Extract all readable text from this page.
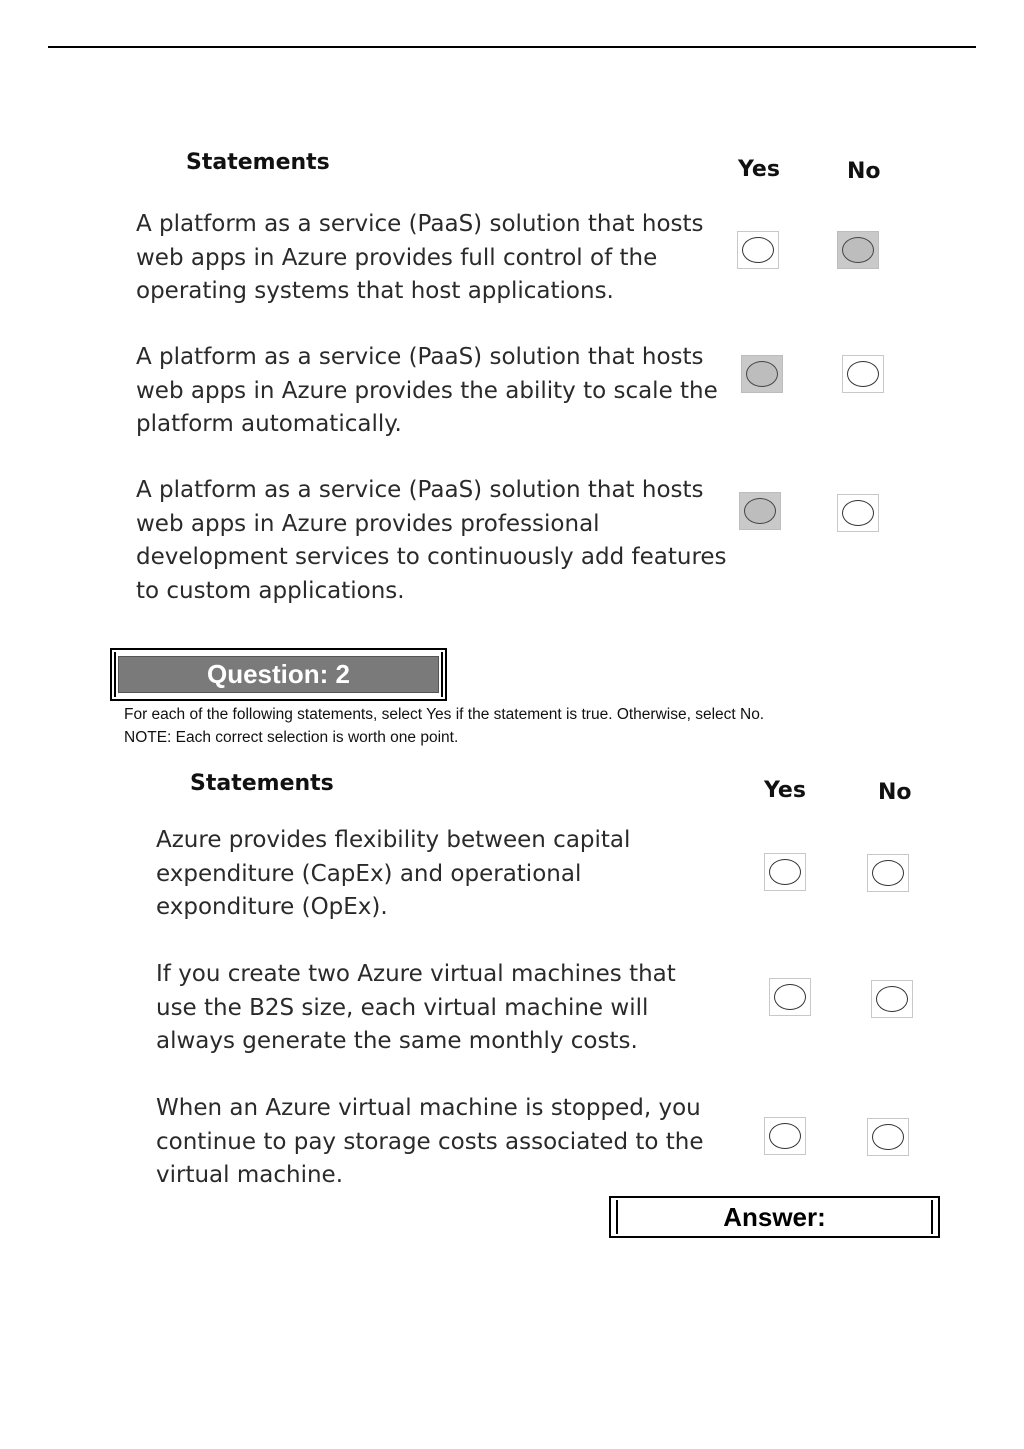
Statements	Yes	No
A platform as a service (PaaS) solution that hosts
web apps in Azure provides full control of the
operating systems that host applications.
A platform as a service (PaaS) solution that hosts
web apps in Azure provides the ability to scale the
platform automatically.
A platform as a service (PaaS) solution that hosts
web apps in Azure provides professional
development services to continuously add features
to custom applications.
Question: 2
For each of the following statements, select Yes if the statement is true. Otherwise, select No.
NOTE: Each correct selection is worth one point.
Statements	Yes	No
Azure provides flexibility between capital
expenditure (CapEx) and operational
exponditure (OpEx).
If you create two Azure virtual machines that
use the B2S size, each virtual machine will
always generate the same monthly costs.
When an Azure virtual machine is stopped, you
continue to pay storage costs associated to the
virtual machine.
Answer:
